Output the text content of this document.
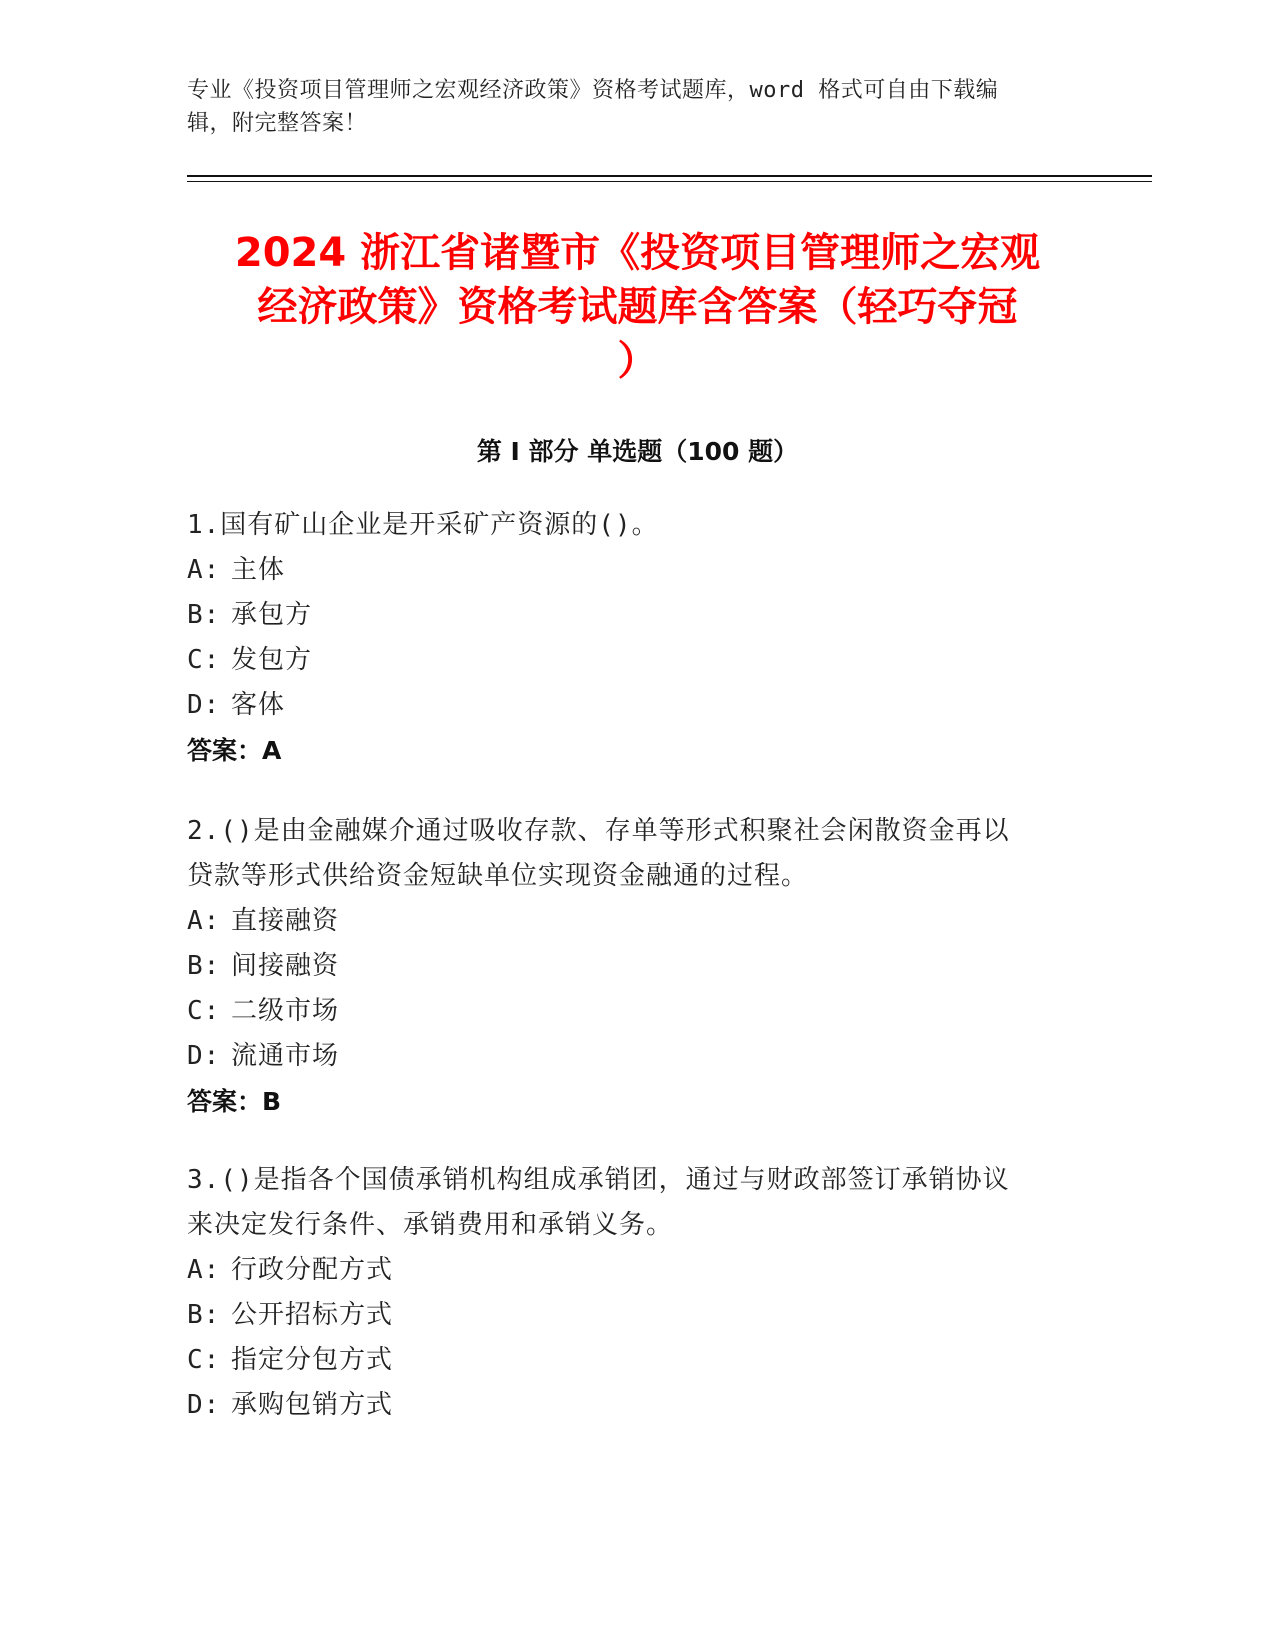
专业《投资项目管理师之宏观经济政策》资格考试题库，word 格式可自由下载编
辑，附完整答案！
2024 浙江省诸暨市《投资项目管理师之宏观
经济政策》资格考试题库含答案（轻巧夺冠
）
第 I 部分 单选题（100 题）

1.国有矿山企业是开采矿产资源的()。

A: 主体

B: 承包方

C: 发包方

D: 客体

答案：A

2.()是由金融媒介通过吸收存款、存单等形式积聚社会闲散资金再以

贷款等形式供给资金短缺单位实现资金融通的过程。

A: 直接融资

B: 间接融资

C: 二级市场

D: 流通市场

答案：B

3.()是指各个国债承销机构组成承销团，通过与财政部签订承销协议

来决定发行条件、承销费用和承销义务。

A: 行政分配方式

B: 公开招标方式

C: 指定分包方式

D: 承购包销方式
